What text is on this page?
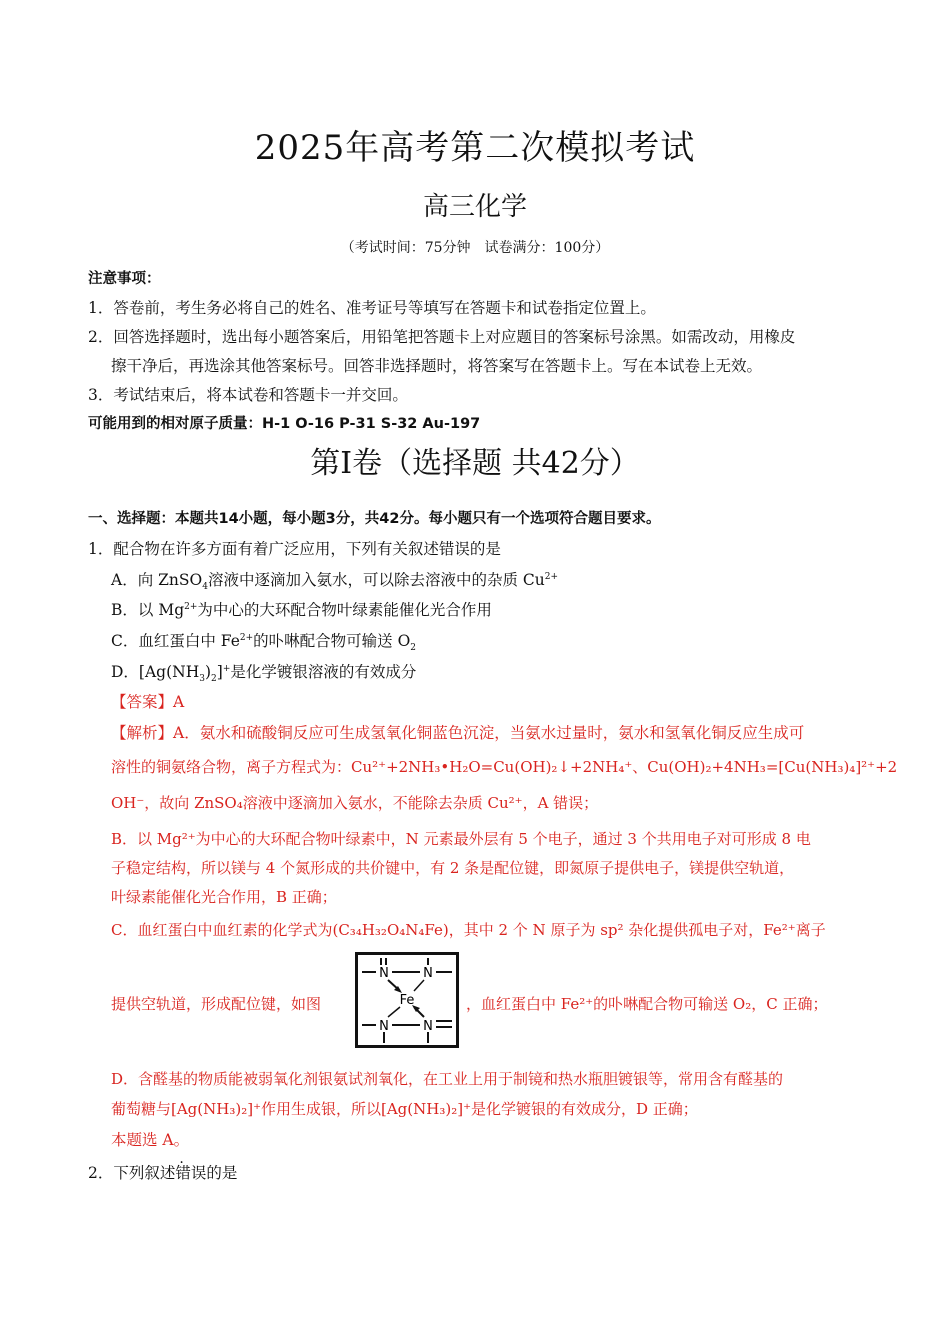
2025年高考第二次模拟考试
高三化学
（考试时间：75分钟　试卷满分：100分）
注意事项：
1．答卷前，考生务必将自己的姓名、准考证号等填写在答题卡和试卷指定位置上。
2．回答选择题时，选出每小题答案后，用铅笔把答题卡上对应题目的答案标号涂黑。如需改动，用橡皮
擦干净后，再选涂其他答案标号。回答非选择题时，将答案写在答题卡上。写在本试卷上无效。
3．考试结束后，将本试卷和答题卡一并交回。
可能用到的相对原子质量：H-1 O-16 P-31 S-32 Au-197
第Ⅰ卷（选择题 共42分）
一、选择题：本题共14小题，每小题3分，共42分。每小题只有一个选项符合题目要求。
1．配合物在许多方面有着广泛应用，下列有关叙述错误的是
A．向 ZnSO$_4$溶液中逐滴加入氨水，可以除去溶液中的杂质 $Cu^{2+}$
B．以 $Mg^{2+}$为中心的大环配合物叶绿素能催化光合作用
C．血红蛋白中 $Fe^{2+}$的卟啉配合物可输送 $O_2$
D．$[Ag(NH_3)_2]^+$是化学镀银溶液的有效成分
【答案】A
【解析】A．氨水和硫酸铜反应可生成氢氧化铜蓝色沉淀，当氨水过量时，氨水和氢氧化铜反应生成可
溶性的铜氨络合物，离子方程式为：Cu²⁺+2NH₃•H₂O=Cu(OH)₂↓+2NH₄⁺、Cu(OH)₂+4NH₃=[Cu(NH₃)₄]²⁺+2
OH⁻，故向 ZnSO₄溶液中逐滴加入氨水，不能除去杂质 Cu²⁺，A 错误；
B．以 Mg²⁺为中心的大环配合物叶绿素中，N 元素最外层有 5 个电子，通过 3 个共用电子对可形成 8 电
子稳定结构，所以镁与 4 个氮形成的共价键中，有 2 条是配位键，即氮原子提供电子，镁提供空轨道，
叶绿素能催化光合作用，B 正确；
C．血红蛋白中血红素的化学式为(C₃₄H₃₂O₄N₄Fe)，其中 2 个 N 原子为 sp² 杂化提供孤电子对，Fe²⁺离子
提供空轨道，形成配位键，如图
N	N
N	N
Fe	，血红蛋白中 Fe²⁺的卟啉配合物可输送 O₂，C 正确；
D．含醛基的物质能被弱氧化剂银氨试剂氧化，在工业上用于制镜和热水瓶胆镀银等，常用含有醛基的
葡萄糖与[Ag(NH₃)₂]⁺作用生成银，所以[Ag(NH₃)₂]⁺是化学镀银的有效成分，D 正确；
本题选 A。
2．下列叙述错误的是
